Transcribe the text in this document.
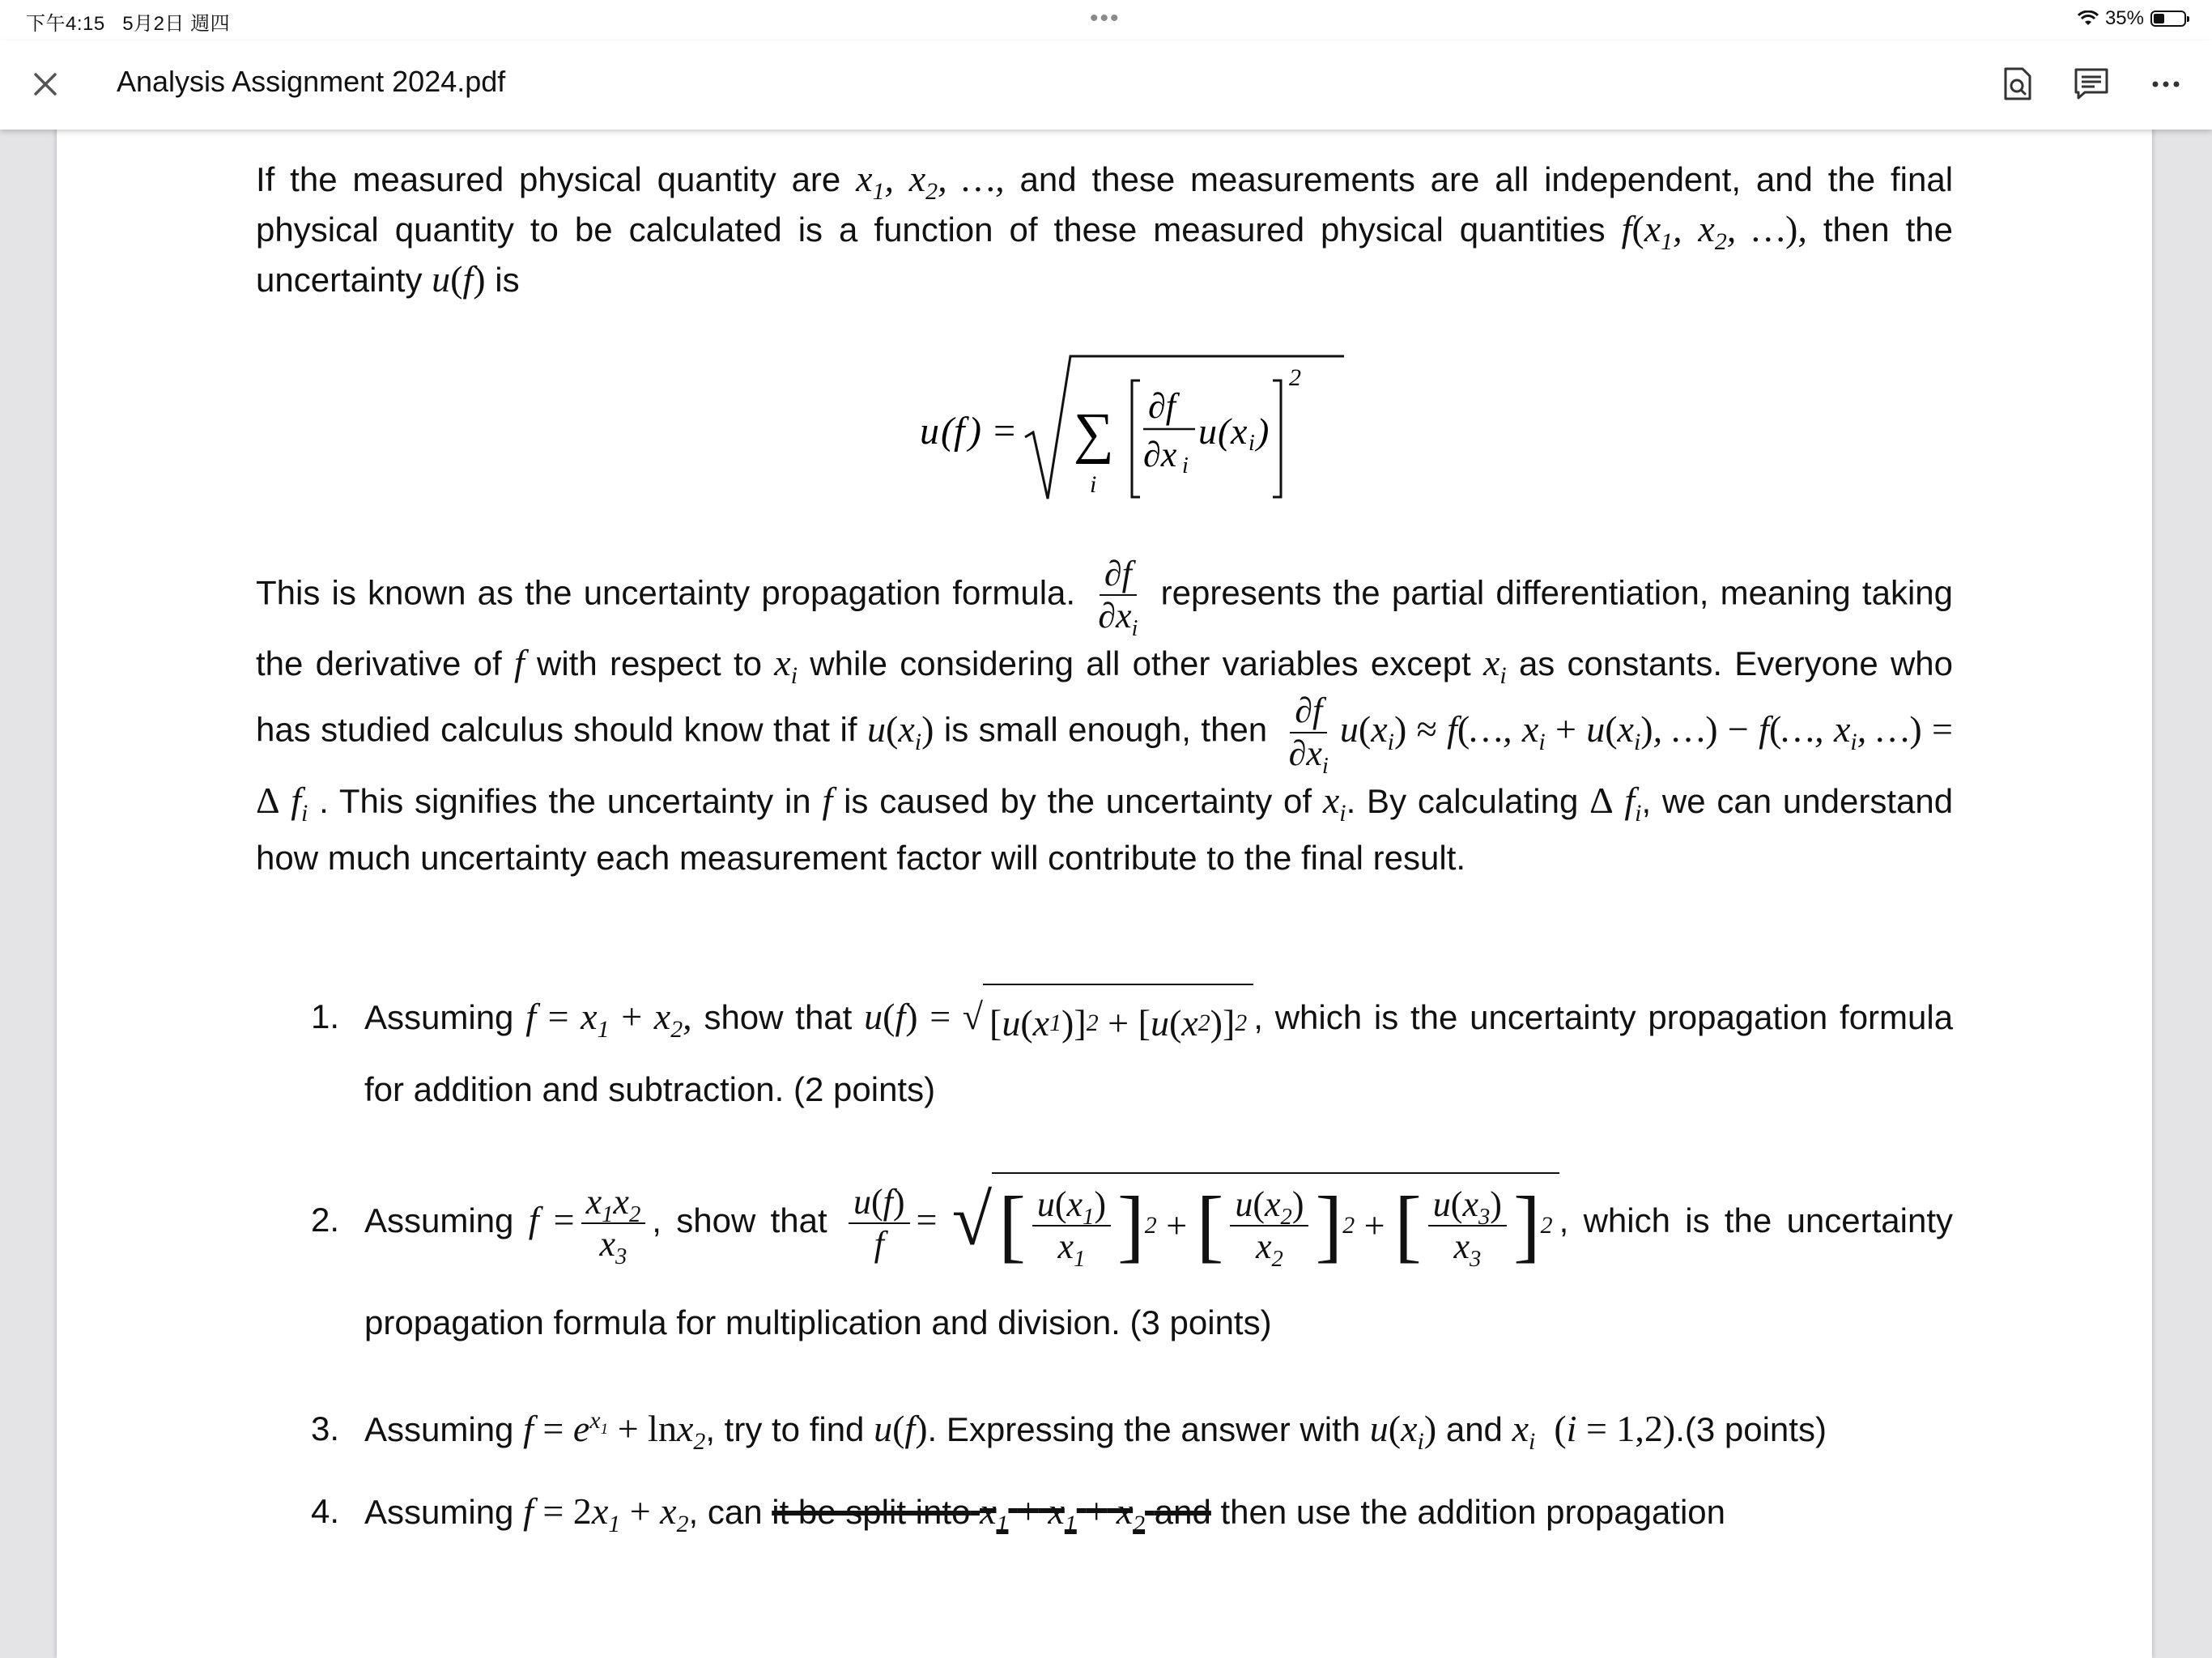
下午4:15 5月2日 週四	•••	35%
Analysis Assignment 2024.pdf

If the measured physical quantity are $x_1$, $x_2$, …, and these measurements are all independent, and the final physical quantity to be calculated is a function of these measured physical quantities $f(x_1$, $x_2$, …), then the uncertainty u(f) is

u ( f ) = ∑
i
∂f
∂x i
u ( x i )
2

This is known as the uncertainty propagation formula. $\frac{\partial f}{\partial x_i}$ represents the partial differentiation, meaning taking the derivative of f with respect to $x_i$ while considering all other variables except $x_i$ as constants. Everyone who has studied calculus should know that if $u(x_i)$ is small enough, then $\frac{\partial f}{\partial x_i} u(x_i)$ ≈ f(…, $x_i + u(x_i)$, …) − f(…, $x_i$, …) = Δ $f_i$ . This signifies the uncertainty in f is caused by the uncertainty of $x_i$. By calculating Δ $f_i$, we can understand how much uncertainty each measurement factor will contribute to the final result.

1. Assuming $f = x_1 + x_2$, show that u(f) = √ [ u ( x 1 ) ] 2
+
[ u ( x 2 ) ] 2 , which is the uncertainty propagation formula for addition and subtraction. (2 points)

2. Assuming $f = \frac{x_1x_2}{x_3}$ , show that $\frac{u(f)}{f}$ = √ [ $\frac{u(x_1)}{x_1}$ ] 2
+
[ $\frac{u(x_2)}{x_2}$ ] 2
+
[ $\frac{u(x_3)}{x_3}$ ] 2 , which is the uncertainty propagation formula for multiplication and division. (3 points)

3. Assuming $f = e^{x_1} + \ln x_2$, try to find u(f). Expressing the answer with $u(x_i)$ and $x_i$ (i = 1,2).(3 points)

4. Assuming $f = 2x_1 + x_2$, can it be split into $x_1 + x_1 + x_2$ and then use the addition propagation
